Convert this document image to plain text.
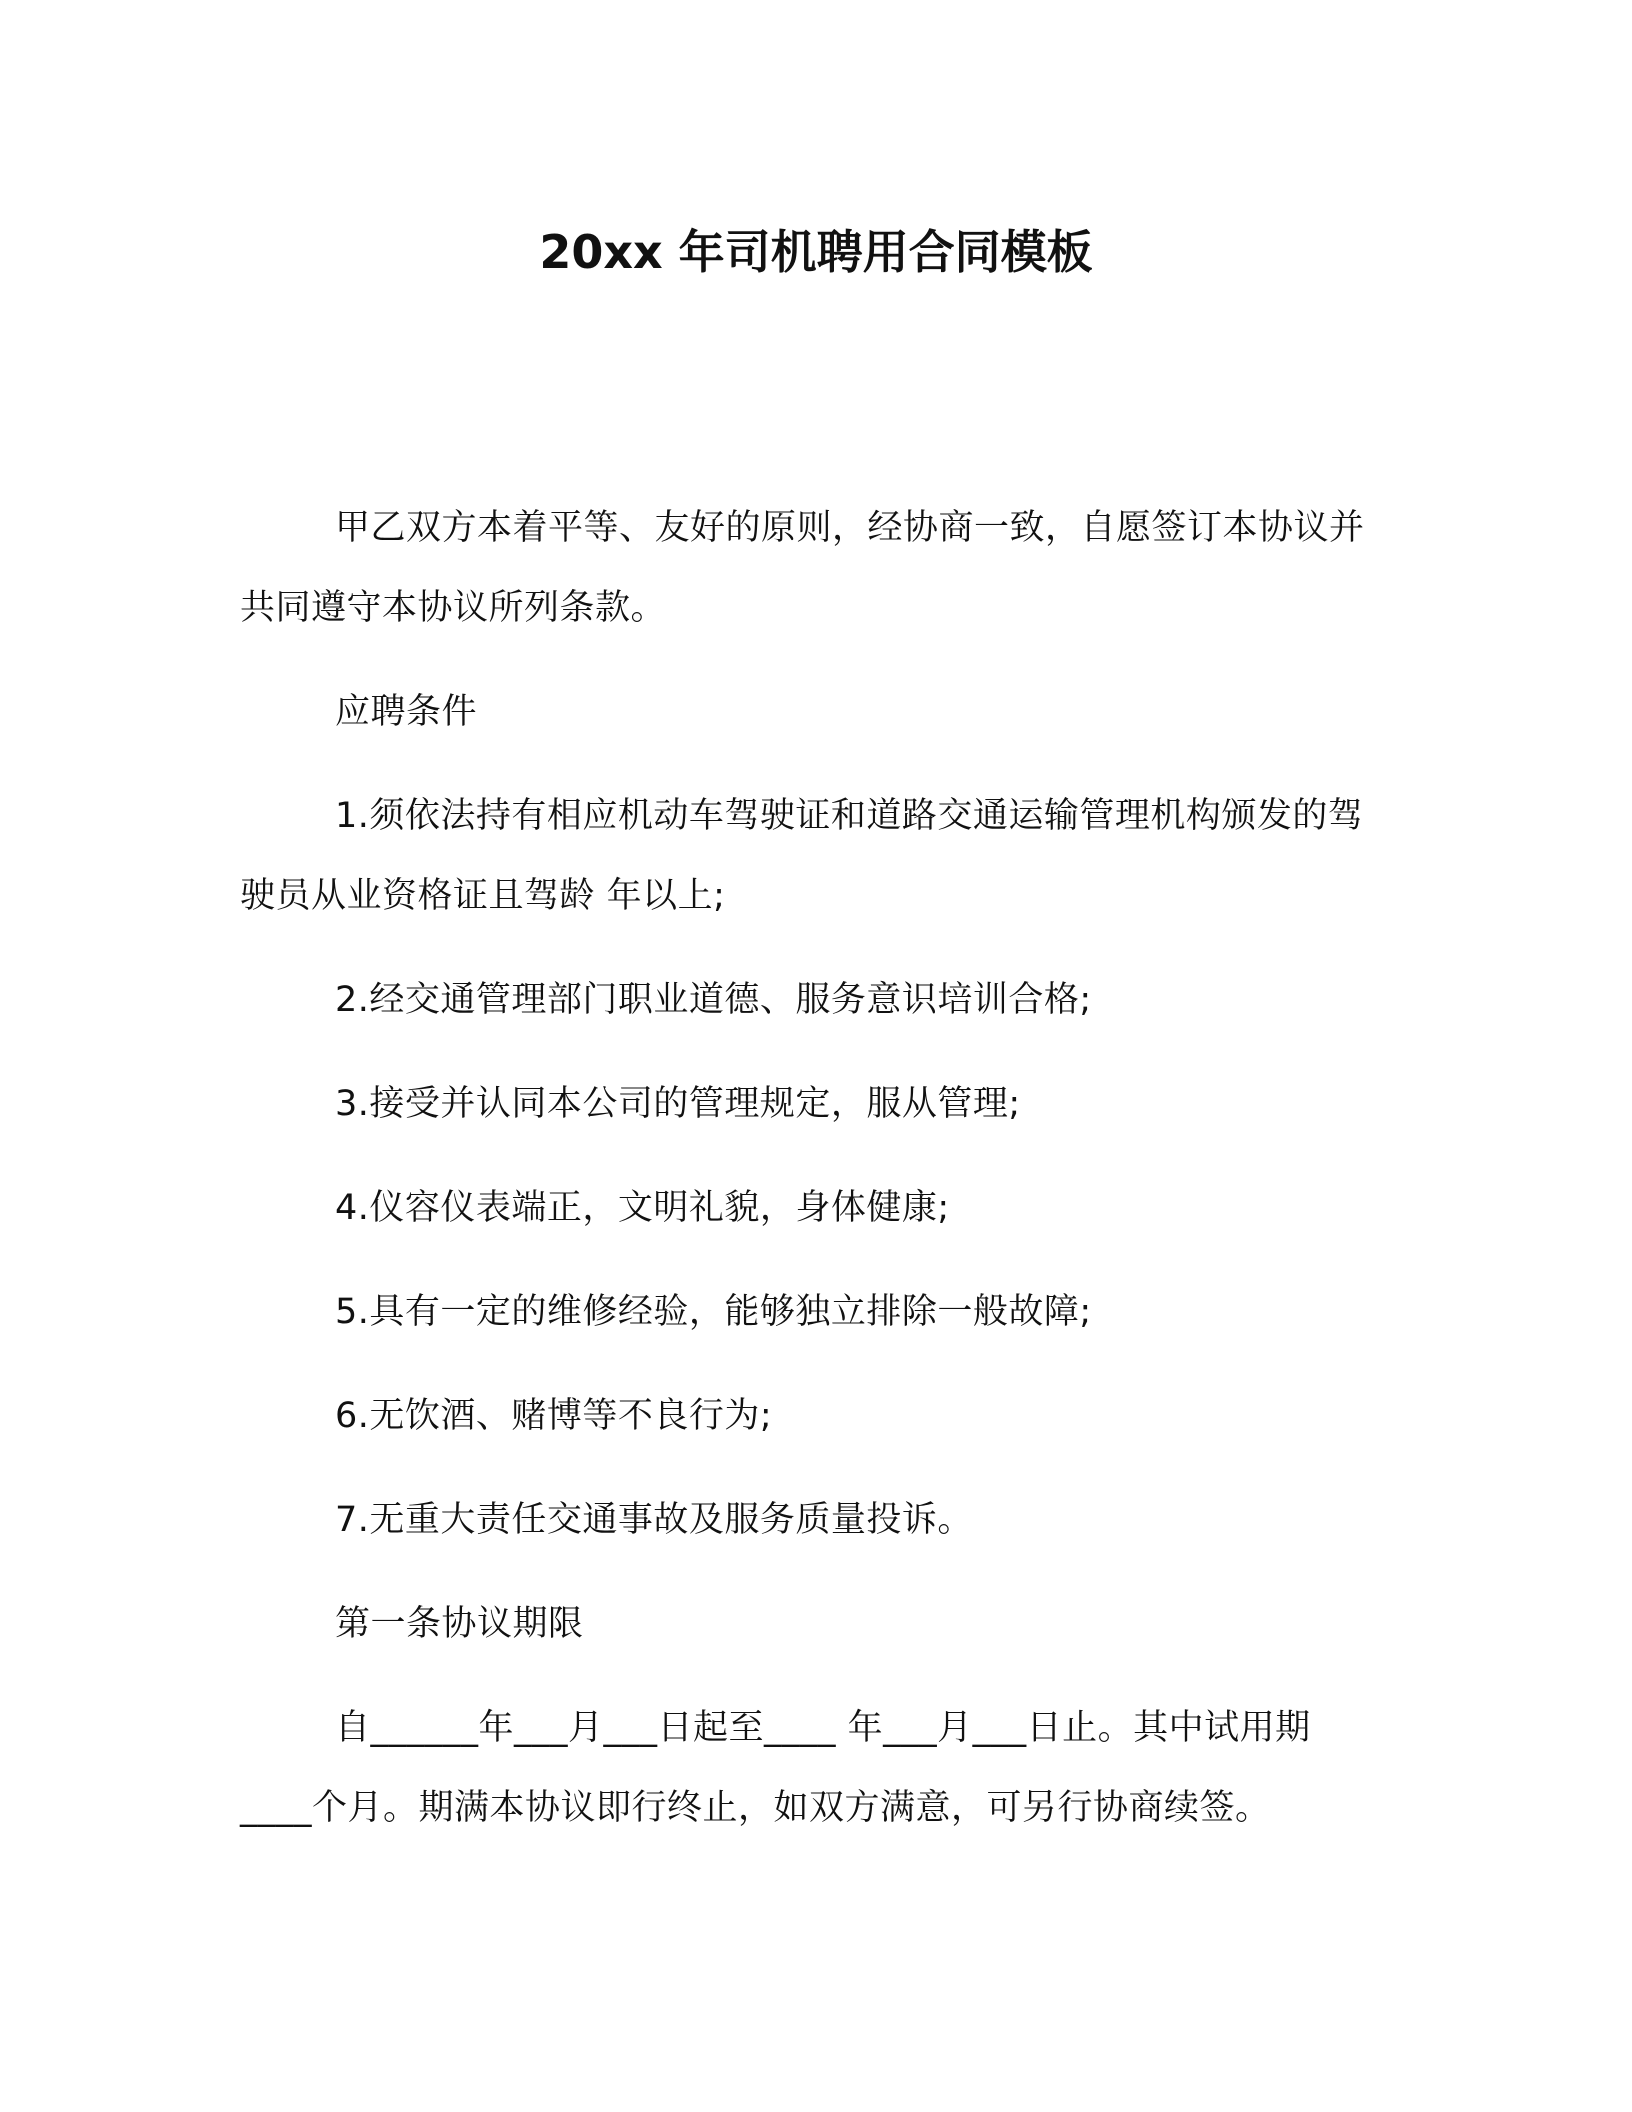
20xx 年司机聘用合同模板

甲乙双方本着平等、友好的原则，经协商一致，自愿签订本协议并共同遵守本协议所列条款。

应聘条件

1.须依法持有相应机动车驾驶证和道路交通运输管理机构颁发的驾驶员从业资格证且驾龄 年以上;

2.经交通管理部门职业道德、服务意识培训合格;

3.接受并认同本公司的管理规定，服从管理;

4.仪容仪表端正，文明礼貌，身体健康;

5.具有一定的维修经验，能够独立排除一般故障;

6.无饮酒、赌博等不良行为;

7.无重大责任交通事故及服务质量投诉。

第一条协议期限

自______年___月___日起至____ 年___月___日止。其中试用期____个月。期满本协议即行终止，如双方满意，可另行协商续签。
